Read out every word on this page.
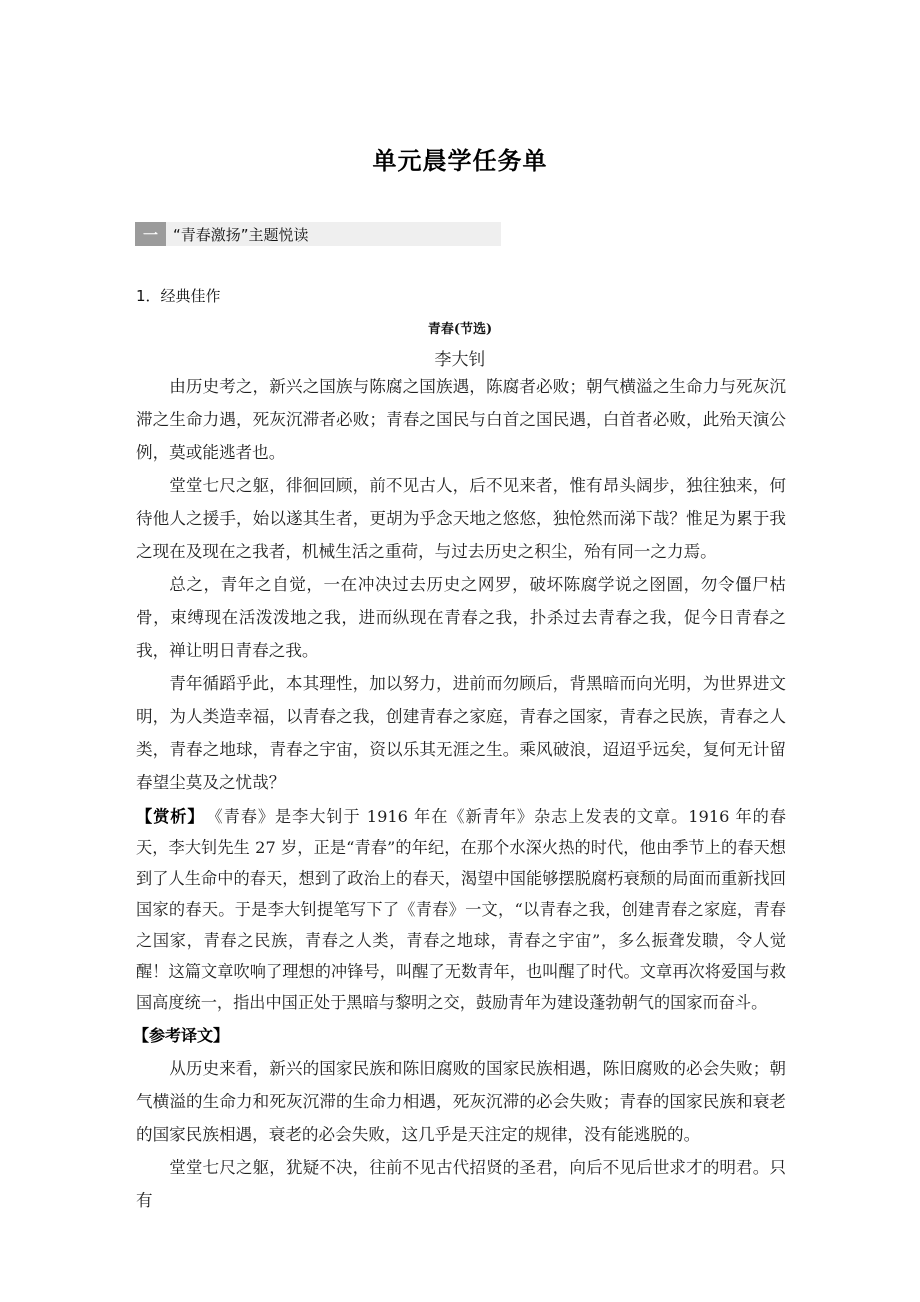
单元晨学任务单
一	“青春激扬”主题悦读
1．经典佳作
青春(节选)
李大钊

由历史考之，新兴之国族与陈腐之国族遇，陈腐者必败；朝气横溢之生命力与死灰沉滞之生命力遇，死灰沉滞者必败；青春之国民与白首之国民遇，白首者必败，此殆天演公例，莫或能逃者也。

堂堂七尺之躯，徘徊回顾，前不见古人，后不见来者，惟有昂头阔步，独往独来，何待他人之援手，始以遂其生者，更胡为乎念天地之悠悠，独怆然而涕下哉？惟足为累于我之现在及现在之我者，机械生活之重荷，与过去历史之积尘，殆有同一之力焉。

总之，青年之自觉，一在冲决过去历史之网罗，破坏陈腐学说之囹圄，勿令僵尸枯骨，束缚现在活泼泼地之我，进而纵现在青春之我，扑杀过去青春之我，促今日青春之我，禅让明日青春之我。

青年循蹈乎此，本其理性，加以努力，进前而勿顾后，背黑暗而向光明，为世界进文明，为人类造幸福，以青春之我，创建青春之家庭，青春之国家，青春之民族，青春之人类，青春之地球，青春之宇宙，资以乐其无涯之生。乘风破浪，迢迢乎远矣，复何无计留春望尘莫及之忧哉？

【赏析】 《青春》是李大钊于 1916 年在《新青年》杂志上发表的文章。1916 年的春天，李大钊先生 27 岁，正是“青春”的年纪，在那个水深火热的时代，他由季节上的春天想到了人生命中的春天，想到了政治上的春天，渴望中国能够摆脱腐朽衰颓的局面而重新找回国家的春天。于是李大钊提笔写下了《青春》一文，“以青春之我，创建青春之家庭，青春之国家，青春之民族，青春之人类，青春之地球，青春之宇宙”，多么振聋发聩，令人觉醒！这篇文章吹响了理想的冲锋号，叫醒了无数青年，也叫醒了时代。文章再次将爱国与救国高度统一，指出中国正处于黑暗与黎明之交，鼓励青年为建设蓬勃朝气的国家而奋斗。
【参考译文】

从历史来看，新兴的国家民族和陈旧腐败的国家民族相遇，陈旧腐败的必会失败；朝气横溢的生命力和死灰沉滞的生命力相遇，死灰沉滞的必会失败；青春的国家民族和衰老的国家民族相遇，衰老的必会失败，这几乎是天注定的规律，没有能逃脱的。

堂堂七尺之躯，犹疑不决，往前不见古代招贤的圣君，向后不见后世求才的明君。只有
